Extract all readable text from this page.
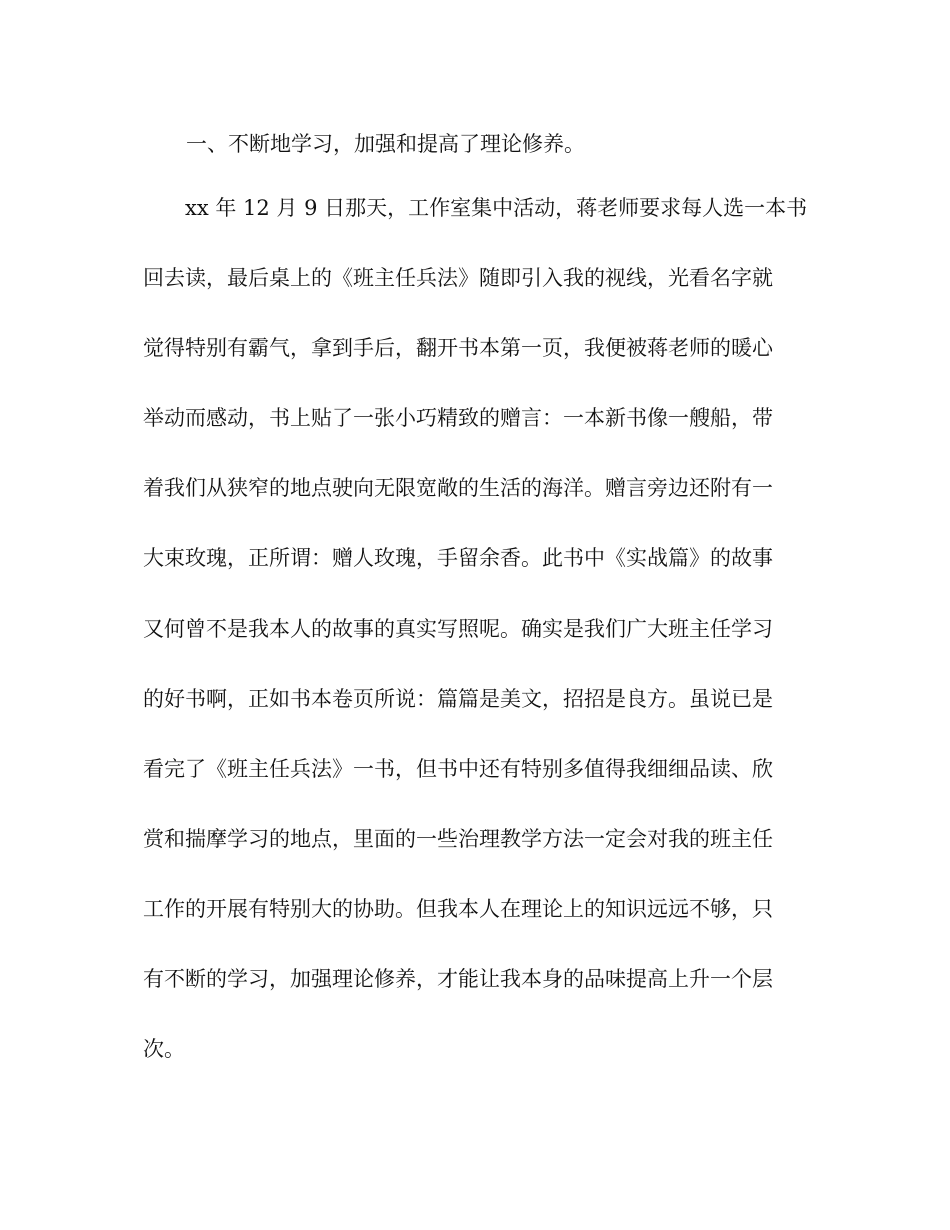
一、不断地学习，加强和提高了理论修养。

xx 年 12 月 9 日那天，工作室集中活动，蒋老师要求每人选一本书
回去读，最后桌上的《班主任兵法》随即引入我的视线，光看名字就
觉得特别有霸气，拿到手后，翻开书本第一页，我便被蒋老师的暖心
举动而感动，书上贴了一张小巧精致的赠言：一本新书像一艘船，带
着我们从狭窄的地点驶向无限宽敞的生活的海洋。赠言旁边还附有一
大束玫瑰，正所谓：赠人玫瑰，手留余香。此书中《实战篇》的故事
又何曾不是我本人的故事的真实写照呢。确实是我们广大班主任学习
的好书啊，正如书本卷页所说：篇篇是美文，招招是良方。虽说已是
看完了《班主任兵法》一书，但书中还有特别多值得我细细品读、欣
赏和揣摩学习的地点，里面的一些治理教学方法一定会对我的班主任
工作的开展有特别大的协助。但我本人在理论上的知识远远不够，只
有不断的学习，加强理论修养，才能让我本身的品味提高上升一个层
次。
